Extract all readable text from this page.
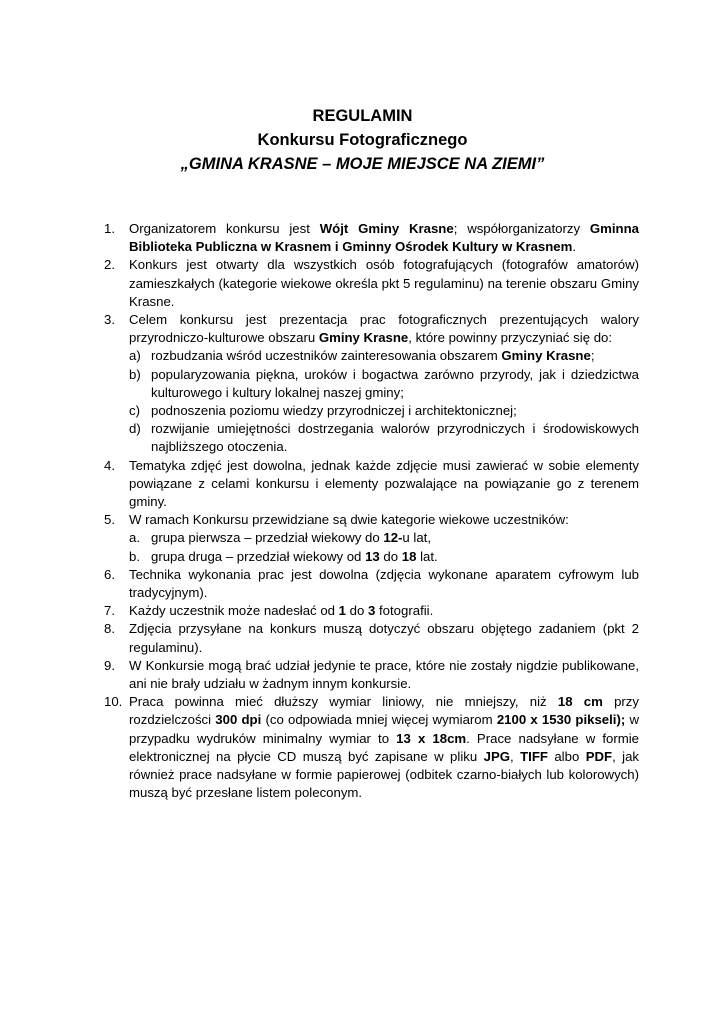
REGULAMIN
Konkursu Fotograficznego
„GMINA KRASNE – MOJE MIEJSCE NA ZIEMI”
1.	Organizatorem konkursu jest Wójt Gminy Krasne; współorganizatorzy Gminna Biblioteka Publiczna w Krasnem i Gminny Ośrodek Kultury w Krasnem.
2.	Konkurs jest otwarty dla wszystkich osób fotografujących (fotografów amatorów) zamieszkałych (kategorie wiekowe określa pkt 5 regulaminu) na terenie obszaru Gminy Krasne.
3.	Celem konkursu jest prezentacja prac fotograficznych prezentujących walory przyrodniczo-kulturowe obszaru Gminy Krasne, które powinny przyczyniać się do:
a) rozbudzania wśród uczestników zainteresowania obszarem Gminy Krasne;
b) popularyzowania piękna, uroków i bogactwa zarówno przyrody, jak i dziedzictwa kulturowego i kultury lokalnej naszej gminy;
c) podnoszenia poziomu wiedzy przyrodniczej i architektonicznej;
d) rozwijanie umiejętności dostrzegania walorów przyrodniczych i środowiskowych najbliższego otoczenia.
4.	Tematyka zdjęć jest dowolna, jednak każde zdjęcie musi zawierać w sobie elementy powiązane z celami konkursu i elementy pozwalające na powiązanie go z terenem gminy.
5.	W ramach Konkursu przewidziane są dwie kategorie wiekowe uczestników:
a. grupa pierwsza – przedział wiekowy do 12-u lat,
b. grupa druga – przedział wiekowy od 13 do 18 lat.
6.	Technika wykonania prac jest dowolna (zdjęcia wykonane aparatem cyfrowym lub tradycyjnym).
7.	Każdy uczestnik może nadesłać od 1 do 3 fotografii.
8.	Zdjęcia przysyłane na konkurs muszą dotyczyć obszaru objętego zadaniem (pkt 2 regulaminu).
9.	W Konkursie mogą brać udział jedynie te prace, które nie zostały nigdzie publikowane, ani nie brały udziału w żadnym innym konkursie.
10. Praca powinna mieć dłuższy wymiar liniowy, nie mniejszy, niż 18 cm przy rozdzielczości 300 dpi (co odpowiada mniej więcej wymiarom 2100 x 1530 pikseli); w przypadku wydruków minimalny wymiar to 13 x 18cm. Prace nadsyłane w formie elektronicznej na płycie CD muszą być zapisane w pliku JPG, TIFF albo PDF, jak również prace nadsyłane w formie papierowej (odbitek czarno-białych lub kolorowych) muszą być przesłane listem poleconym.
